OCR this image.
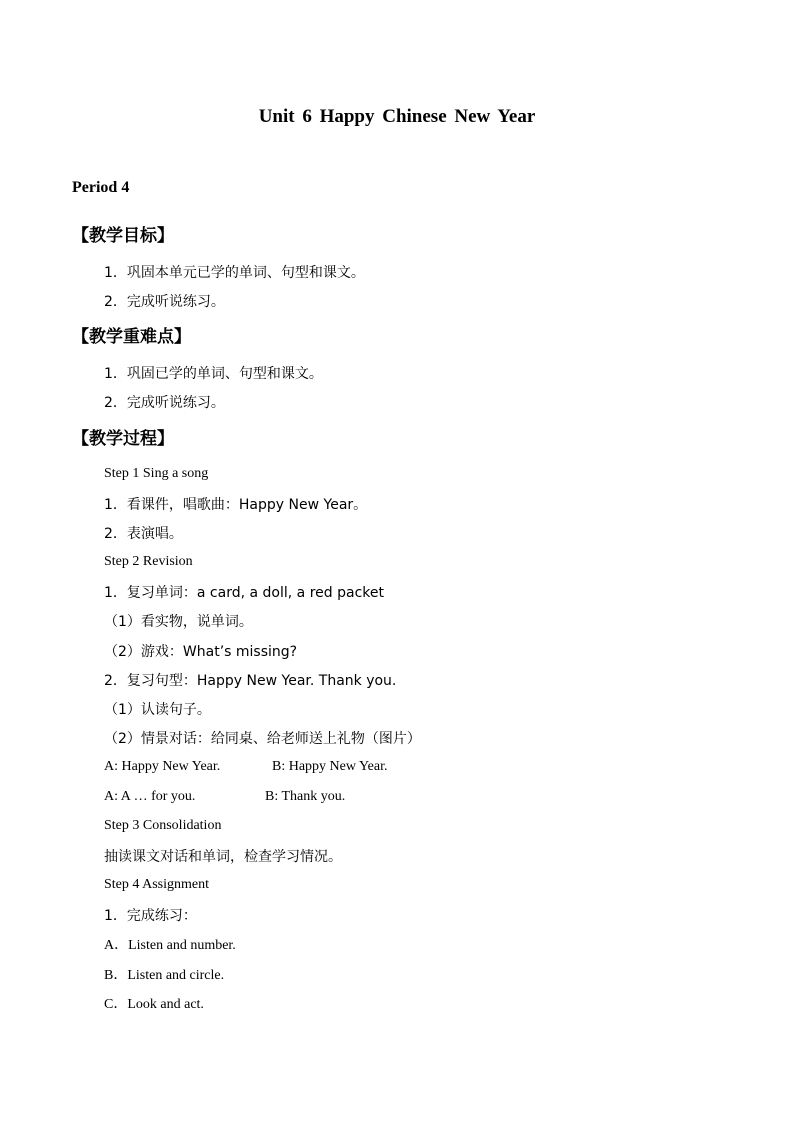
Unit 6 Happy Chinese New Year
Period 4
【教学目标】
1．巩固本单元已学的单词、句型和课文。
2．完成听说练习。
【教学重难点】
1．巩固已学的单词、句型和课文。
2．完成听说练习。
【教学过程】
Step 1 Sing a song
1．看课件，唱歌曲：Happy New Year。
2．表演唱。
Step 2 Revision
1．复习单词：a card, a doll, a red packet
（1）看实物，说单词。
（2）游戏：What’s missing?
2．复习句型：Happy New Year. Thank you.
（1）认读句子。
（2）情景对话：给同桌、给老师送上礼物（图片）
A: Happy New Year.	B: Happy New Year.
A: A … for you.	B: Thank you.
Step 3 Consolidation
抽读课文对话和单词，检查学习情况。
Step 4 Assignment
1．完成练习：
A．Listen and number.
B．Listen and circle.
C．Look and act.
